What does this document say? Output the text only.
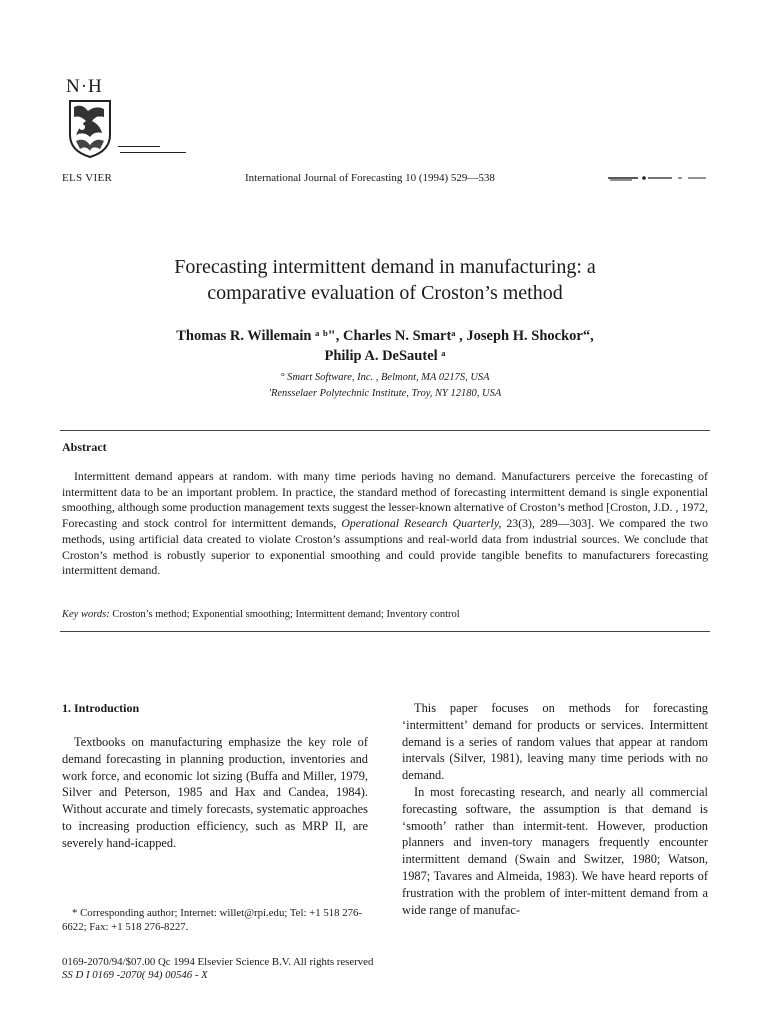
N·H
ELS VIER	International Journal of Forecasting 10 (1994) 529—538
Forecasting intermittent demand in manufacturing: a
comparative evaluation of Croston’s method
Thomas R. Willemain ᵃ ᵇ", Charles N. Smartᵃ , Joseph H. Shockor“,
Philip A. DeSautel ᵃ
° Smart Software, Inc. , Belmont, MA 0217S, USA
ʹRensselaer Polytechnic Institute, Troy, NY 12180, USA
Abstract

Intermittent demand appears at random. with many time periods having no demand. Manufacturers perceive the forecasting of intermittent data to be an important problem. In practice, the standard method of forecasting intermittent demand is single exponential smoothing, although some production management texts suggest the lesser-known alternative of Croston’s method [Croston, J.D. , 1972, Forecasting and stock control for intermittent demands, Operational Research Quarterly, 23(3), 289—303]. We compared the two methods, using artificial data created to violate Croston’s assumptions and real-world data from industrial sources. We conclude that Croston’s method is robustly superior to exponential smoothing and could provide tangible benefits to manufacturers forecasting intermittent demand.

Key words: Croston’s method; Exponential smoothing; Intermittent demand; Inventory control
1. Introduction

Textbooks on manufacturing emphasize the key role of demand forecasting in planning production, inventories and work force, and economic lot sizing (Buffa and Miller, 1979, Silver and Peterson, 1985 and Hax and Candea, 1984). Without accurate and timely forecasts, systematic approaches to increasing production efficiency, such as MRP II, are severely hand-icapped.

* Corresponding author; Internet: willet@rpi.edu; Tel: +1 518 276-6622; Fax: +1 518 276-8227.

This paper focuses on methods for forecasting ‘intermittent’ demand for products or services. Intermittent demand is a series of random values that appear at random intervals (Silver, 1981), leaving many time periods with no demand.

In most forecasting research, and nearly all commercial forecasting software, the assumption is that demand is ‘smooth’ rather than intermit-tent. However, production planners and inven-tory managers frequently encounter intermittent demand (Swain and Switzer, 1980; Watson, 1987; Tavares and Almeida, 1983). We have heard reports of frustration with the problem of inter-mittent demand from a wide range of manufac-

0169-2070/94/$07.00 Qc 1994 Elsevier Science B.V. All rights reserved
SS D I 0169 -2070( 94) 00546 - X
